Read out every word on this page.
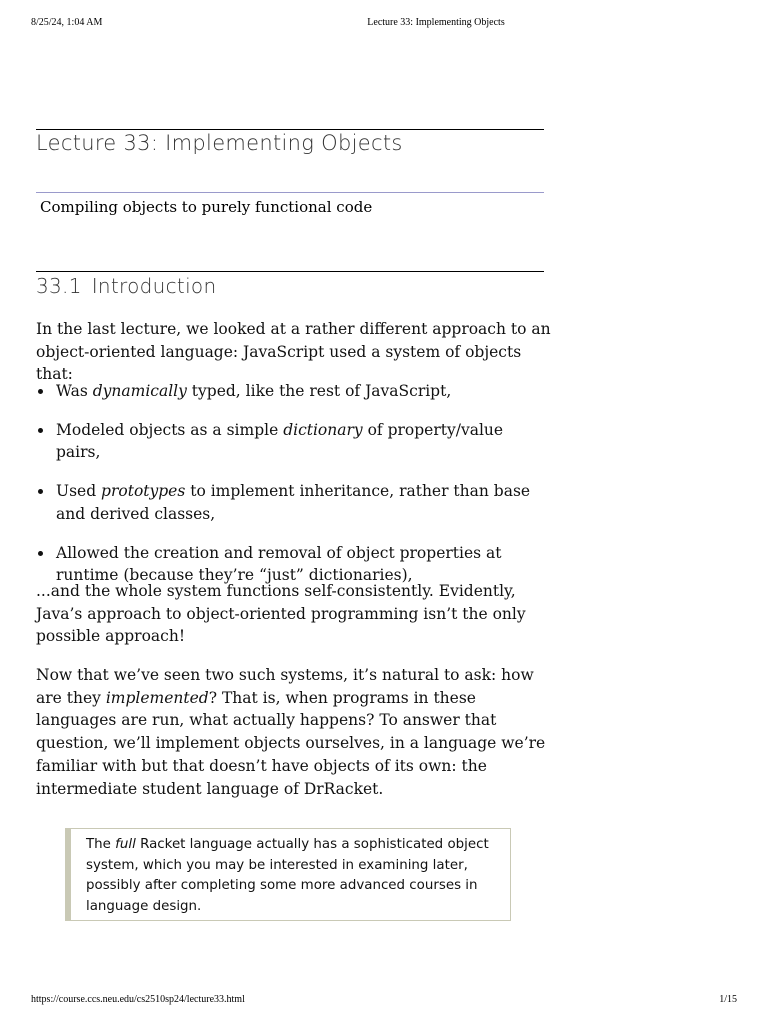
8/25/24, 1:04 AM	Lecture 33: Implementing Objects
Lecture 33: Implementing Objects

Compiling objects to purely functional code

33.1 Introduction

In the last lecture, we looked at a rather different approach to an object-oriented language: JavaScript used a system of objects that:

Was dynamically typed, like the rest of JavaScript,
Modeled objects as a simple dictionary of property/value pairs,
Used prototypes to implement inheritance, rather than base and derived classes,
Allowed the creation and removal of object properties at runtime (because they’re “just” dictionaries),

...and the whole system functions self-consistently. Evidently, Java’s approach to object-oriented programming isn’t the only possible approach!

Now that we’ve seen two such systems, it’s natural to ask: how are they implemented? That is, when programs in these languages are run, what actually happens? To answer that question, we’ll implement objects ourselves, in a language we’re familiar with but that doesn’t have objects of its own: the intermediate student language of DrRacket.

The full Racket language actually has a sophisticated object system, which you may be interested in examining later, possibly after completing some more advanced courses in language design.

https://course.ccs.neu.edu/cs2510sp24/lecture33.html	1/15
